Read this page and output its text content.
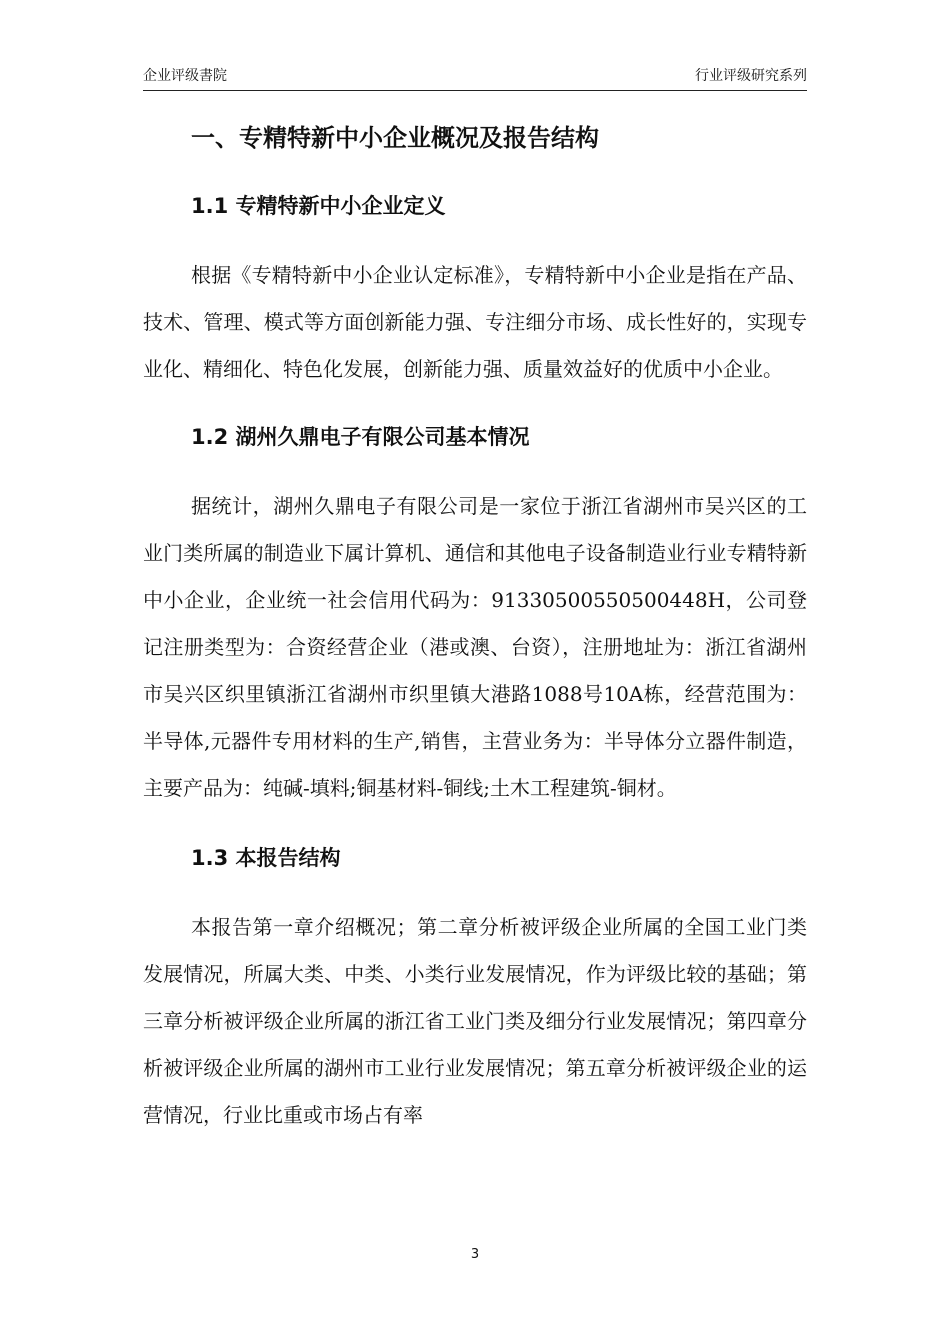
企业评级書院	行业评级研究系列
一、专精特新中小企业概况及报告结构
1.1 专精特新中小企业定义

根据《专精特新中小企业认定标准》，专精特新中小企业是指在产品、技术、管理、模式等方面创新能力强、专注细分市场、成长性好的，实现专业化、精细化、特色化发展，创新能力强、质量效益好的优质中小企业。

1.2 湖州久鼎电子有限公司基本情况

据统计，湖州久鼎电子有限公司是一家位于浙江省湖州市吴兴区的工业门类所属的制造业下属计算机、通信和其他电子设备制造业行业专精特新中小企业，企业统一社会信用代码为：91330500550500448H，公司登记注册类型为：合资经营企业（港或澳、台资），注册地址为：浙江省湖州市吴兴区织里镇浙江省湖州市织里镇大港路1088号10A栋，经营范围为：半导体,元器件专用材料的生产,销售，主营业务为：半导体分立器件制造，主要产品为：纯碱-填料;铜基材料-铜线;土木工程建筑-铜材。

1.3 本报告结构

本报告第一章介绍概况；第二章分析被评级企业所属的全国工业门类发展情况，所属大类、中类、小类行业发展情况，作为评级比较的基础；第三章分析被评级企业所属的浙江省工业门类及细分行业发展情况；第四章分析被评级企业所属的湖州市工业行业发展情况；第五章分析被评级企业的运营情况，行业比重或市场占有率

3
